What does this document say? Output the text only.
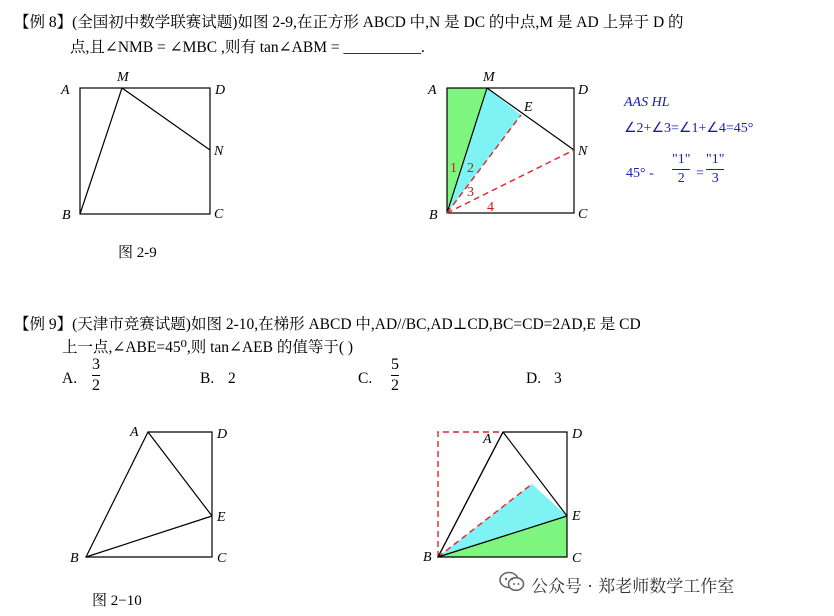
【例 8】(全国初中数学联赛试题)如图 2-9,在正方形 ABCD 中,N 是 DC 的中点,M 是 AD 上异于 D 的
点,且∠NMB = ∠MBC ,则有 tan∠ABM = __________.
A
M
D
N
B	C
A
M
D
E
N
B	C
1 2
3
4
A	D
E
B	C
A	D
E
B	C
图 2-9
AAS HL
∠2+∠3=∠1+∠4=45°
45° -
"1"
2 =
"1"
3
【例 9】(天津市竞赛试题)如图 2-10,在梯形 ABCD 中,AD//BC,AD⊥CD,BC=CD=2AD,E 是 CD
上一点,∠ABE=45⁰,则 tan∠AEB 的值等于( )
A.
3
2	B. 2	C.
5
2	D. 3
图 2−10
公众号 · 郑老师数学工作室
